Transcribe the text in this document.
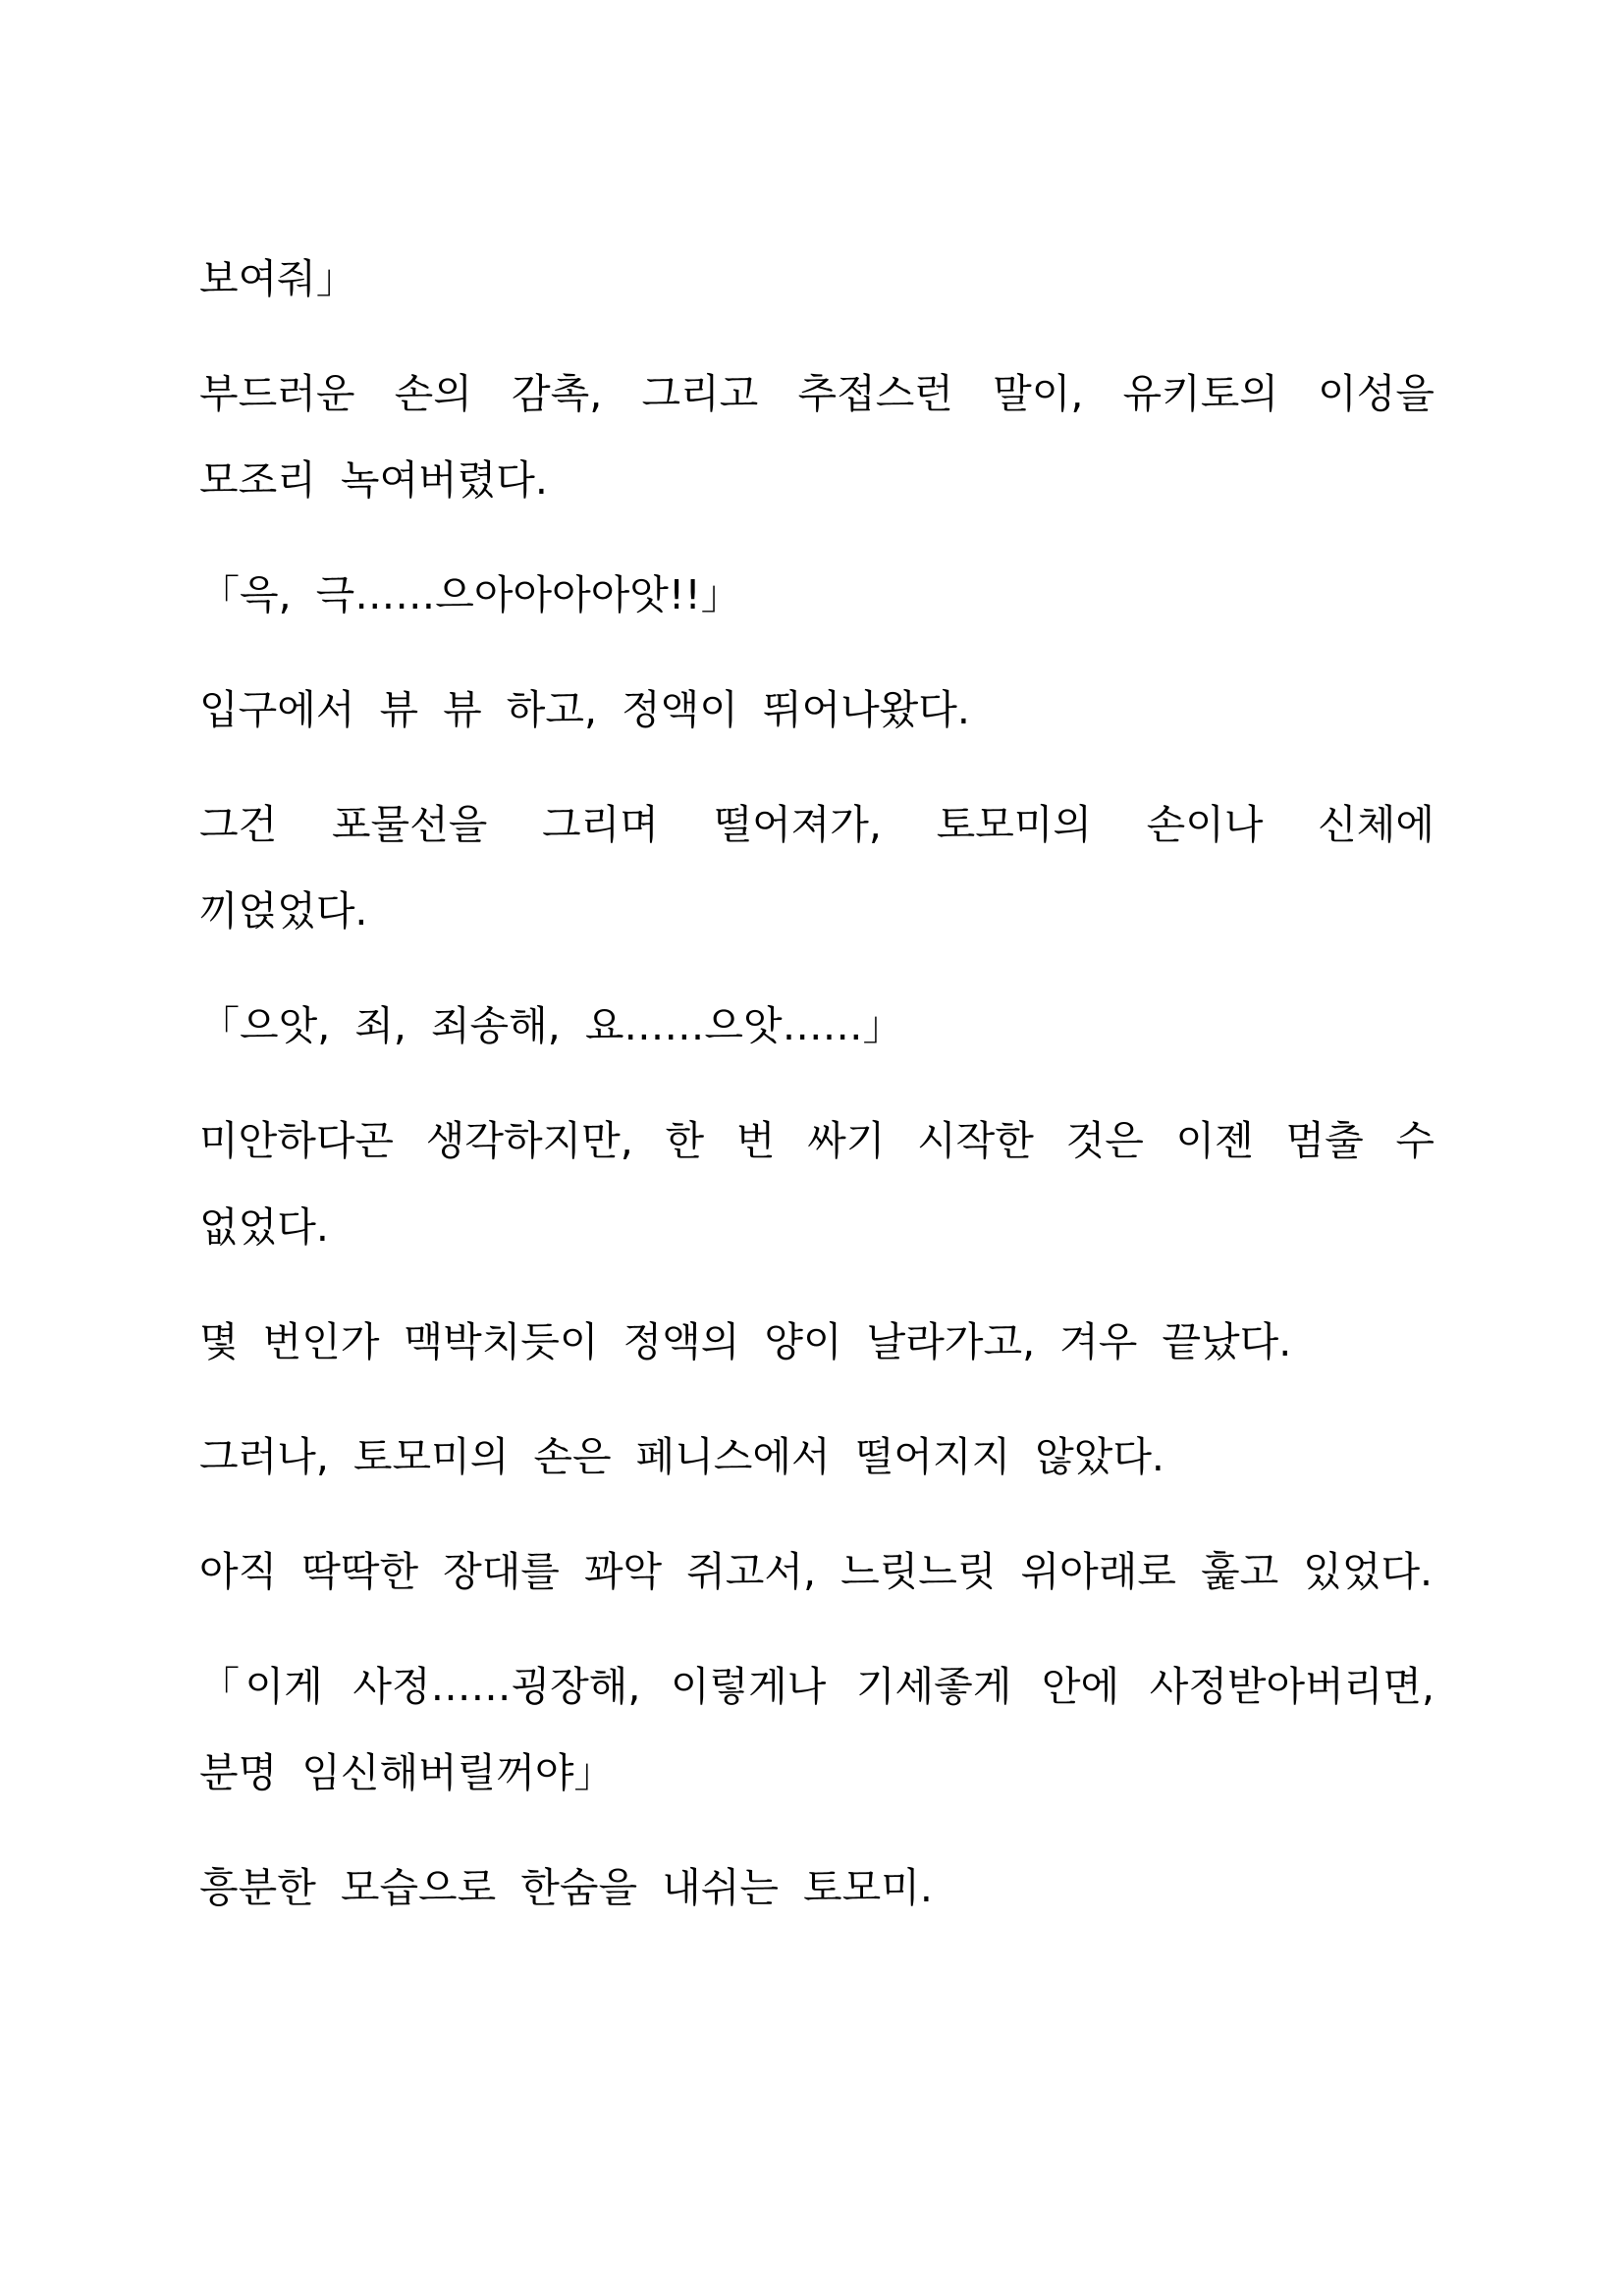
보여줘」

부드러운 손의 감촉, 그리고 추접스런 말이, 유키토의 이성을 모조리 녹여버렸다.

「윽, 극……으아아아아앗!!」

입구에서 뷰 뷰 하고, 정액이 뛰어나왔다.

그건 포물선을 그리며 떨어져가, 토모미의 손이나 신체에 끼얹었다.

「으앗, 죄, 죄송해, 요……으앗……」

미안하다곤 생각하지만, 한 번 싸기 시작한 것은 이젠 멈출 수 없었다.

몇 번인가 맥박치듯이 정액의 양이 날라가고, 겨우 끝났다.

그러나, 토모미의 손은 페니스에서 떨어지지 않았다.

아직 딱딱한 장대를 꽈악 쥐고서, 느릿느릿 위아래로 훑고 있었다.

「이게 사정……굉장해, 이렇게나 기세좋게 안에 사정받아버리면, 분명 임신해버릴꺼야」

흥분한 모습으로 한숨을 내쉬는 토모미.
